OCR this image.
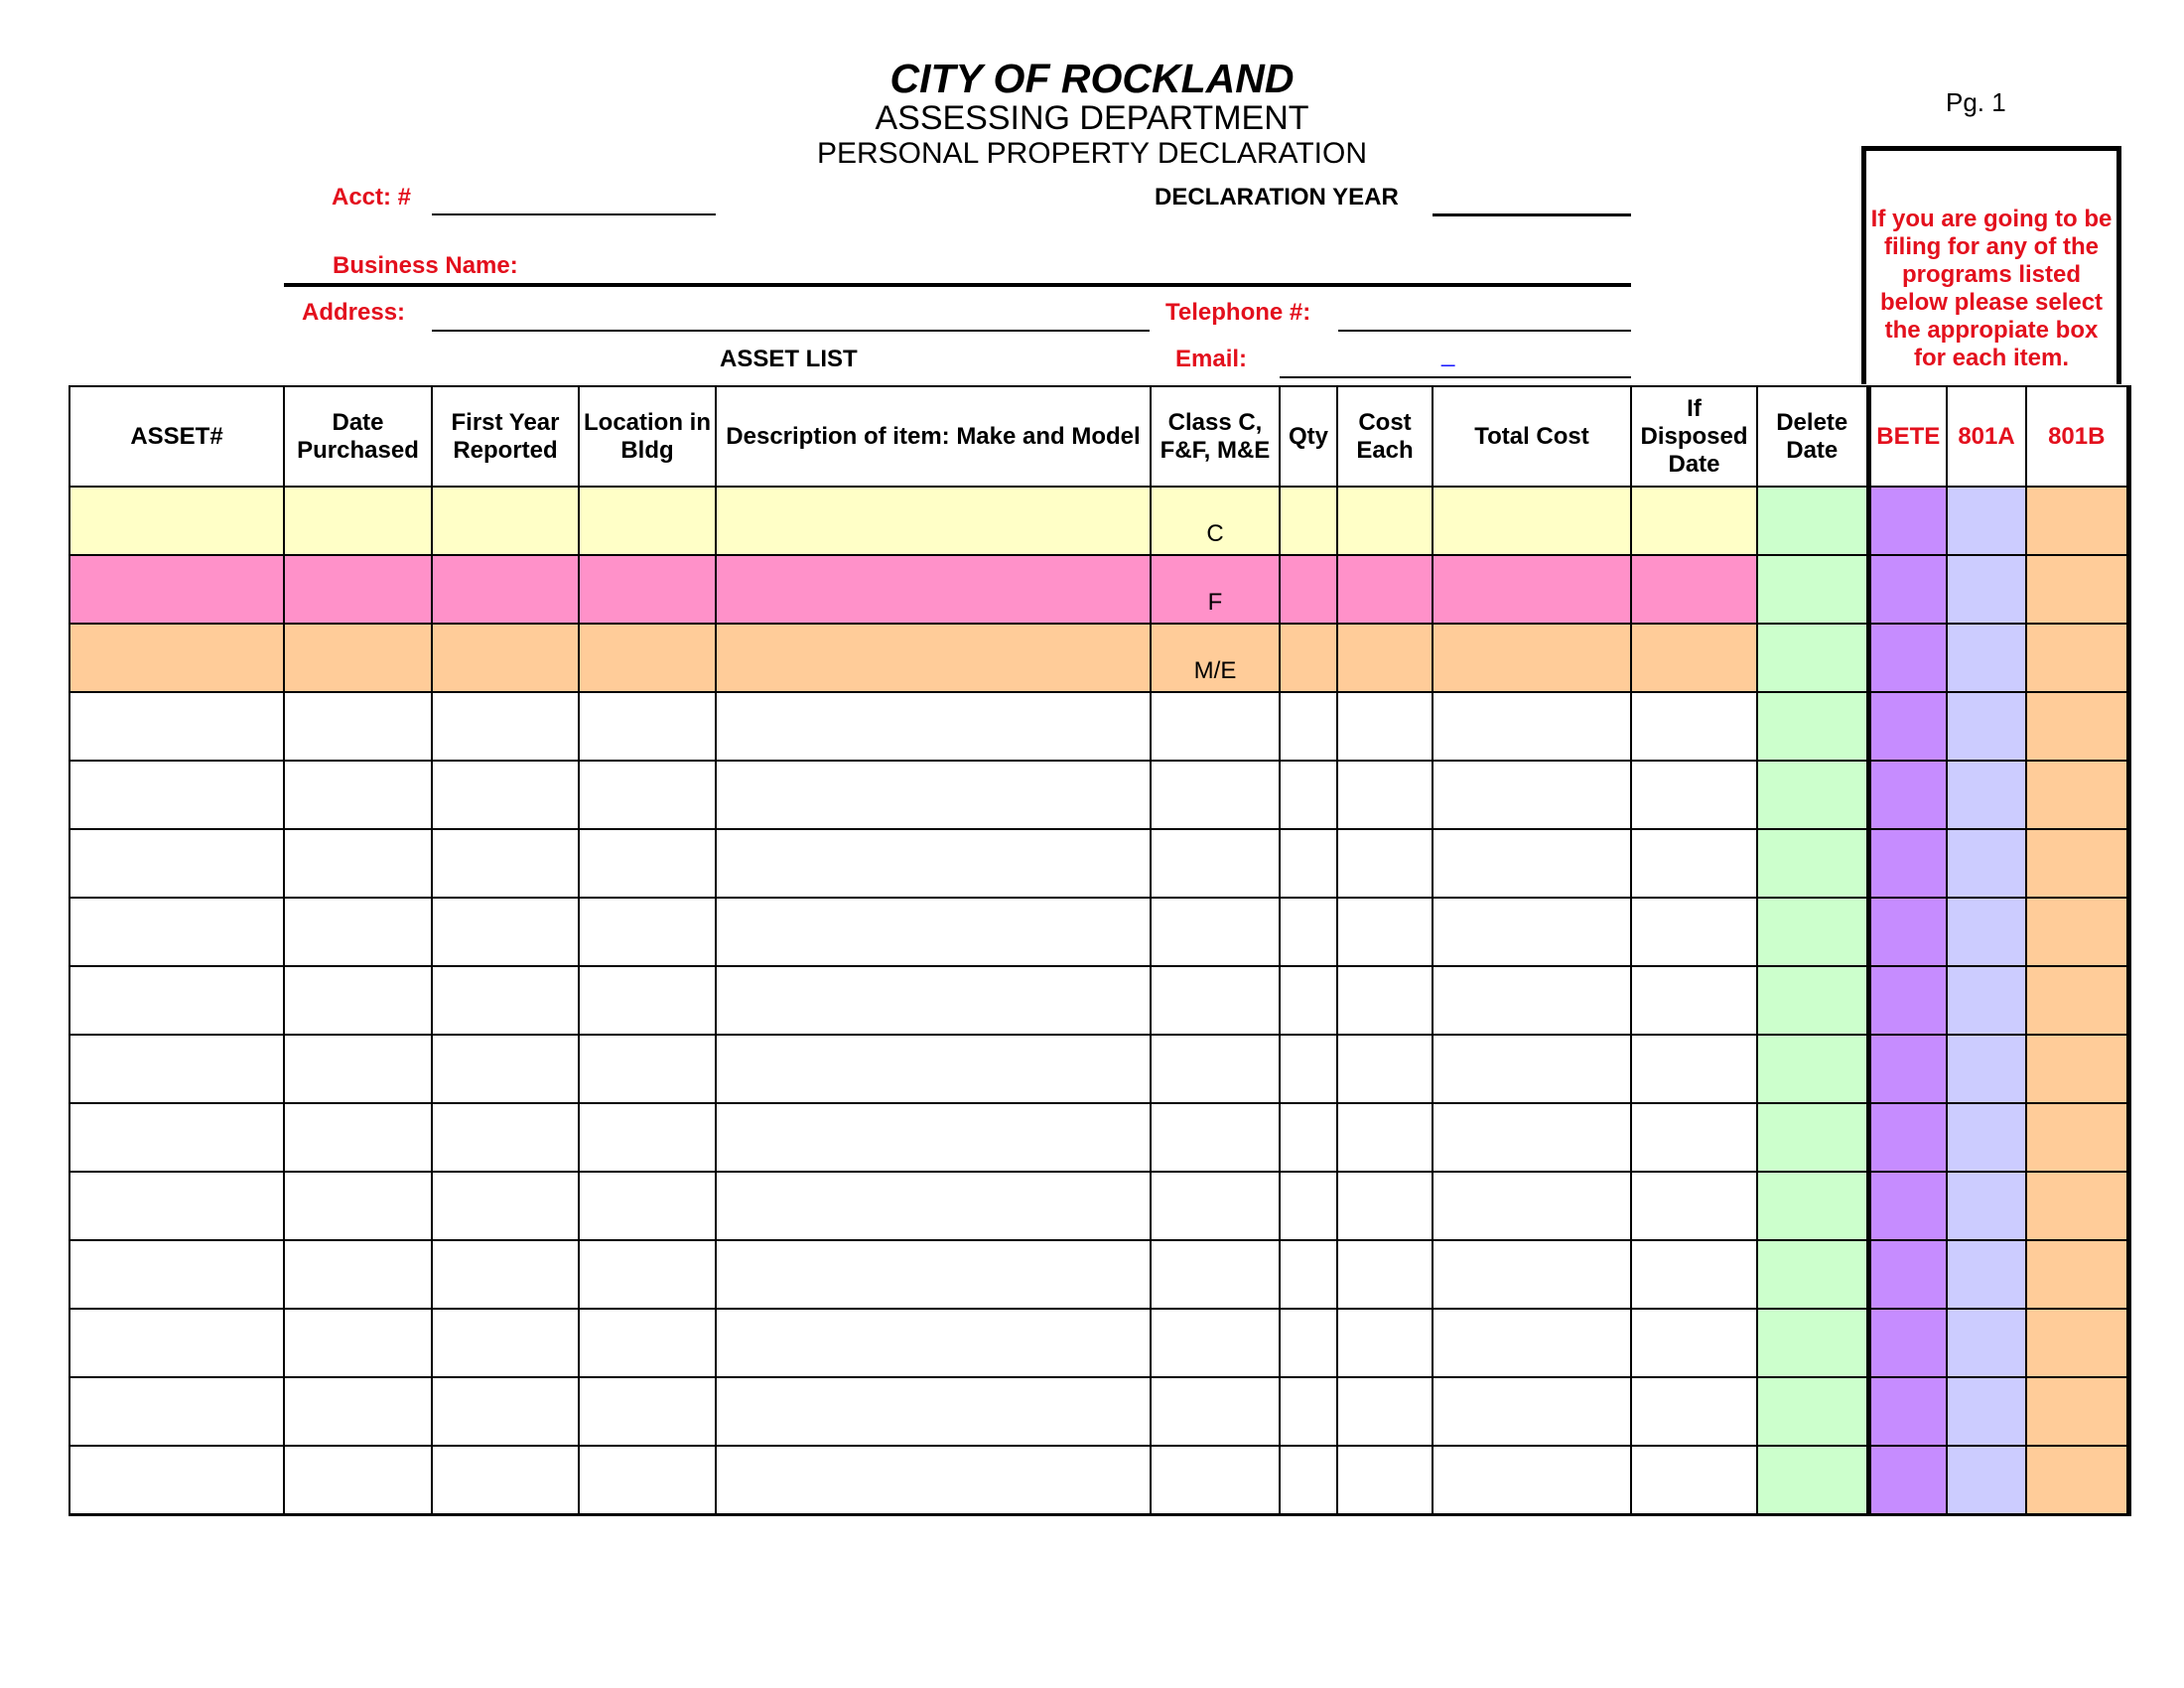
CITY OF ROCKLAND
ASSESSING DEPARTMENT
PERSONAL PROPERTY DECLARATION
Pg. 1
Acct: #	DECLARATION YEAR
Business Name:
Address:	Telephone #:
ASSET LIST	Email:	_
If you are going to be filing for any of the programs listed below please select the appropiate box for each item.
ASSET#	Date Purchased	First Year Reported	Location in Bldg	Description of item: Make and Model	Class C, F&F, M&E	Qty	Cost Each	Total Cost	If Disposed Date	Delete Date	BETE	801A	801B
					C								
					F								
					M/E								
